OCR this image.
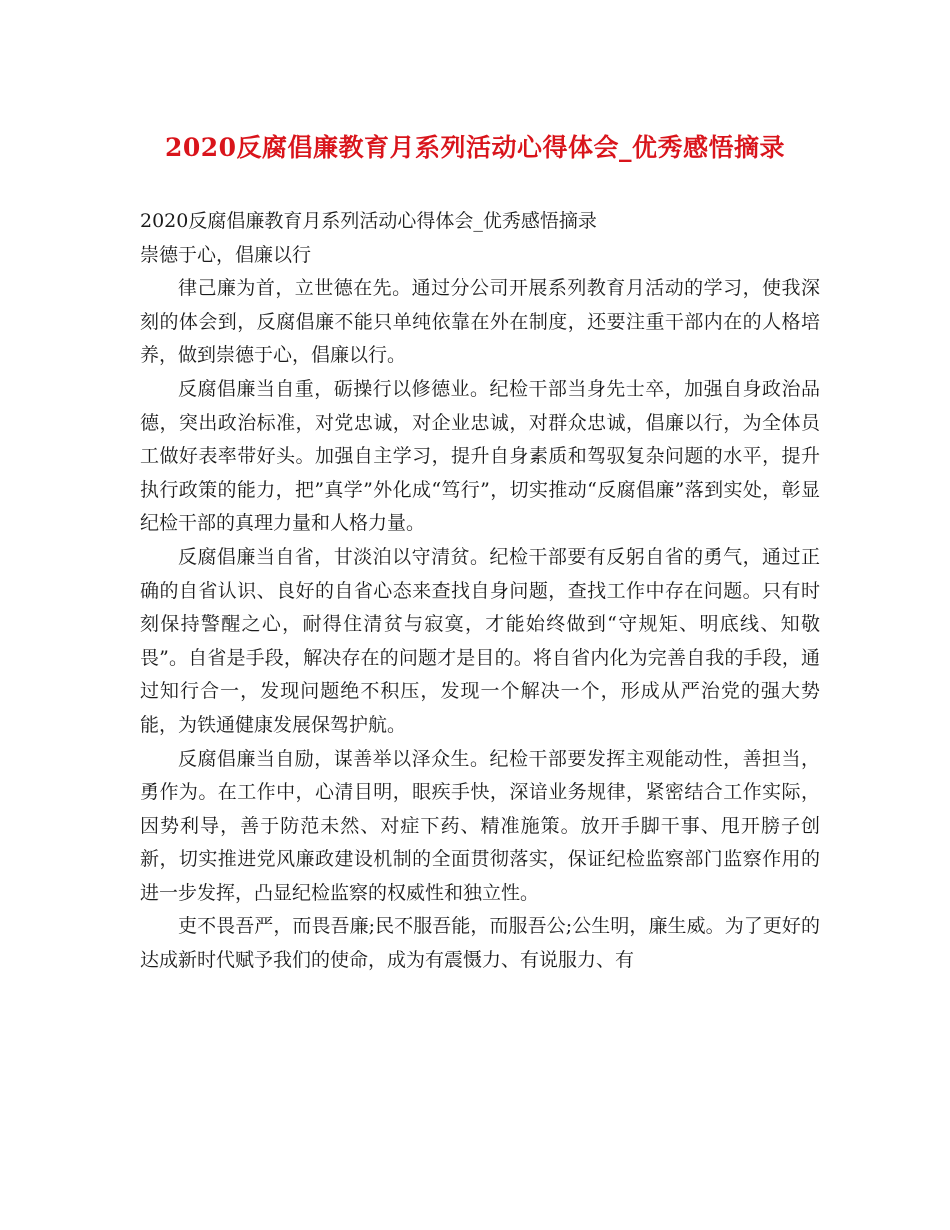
2020反腐倡廉教育月系列活动心得体会_优秀感悟摘录

2020反腐倡廉教育月系列活动心得体会_优秀感悟摘录

崇德于心，倡廉以行

律己廉为首，立世德在先。通过分公司开展系列教育月活动的学习，使我深刻的体会到，反腐倡廉不能只单纯依靠在外在制度，还要注重干部内在的人格培养，做到崇德于心，倡廉以行。

反腐倡廉当自重，砺操行以修德业。纪检干部当身先士卒，加强自身政治品德，突出政治标准，对党忠诚，对企业忠诚，对群众忠诚，倡廉以行，为全体员工做好表率带好头。加强自主学习，提升自身素质和驾驭复杂问题的水平，提升执行政策的能力，把”真学”外化成“笃行”，切实推动“反腐倡廉”落到实处，彰显纪检干部的真理力量和人格力量。

反腐倡廉当自省，甘淡泊以守清贫。纪检干部要有反躬自省的勇气，通过正确的自省认识、良好的自省心态来查找自身问题，查找工作中存在问题。只有时刻保持警醒之心，耐得住清贫与寂寞，才能始终做到“守规矩、明底线、知敬畏”。自省是手段，解决存在的问题才是目的。将自省内化为完善自我的手段，通过知行合一，发现问题绝不积压，发现一个解决一个，形成从严治党的强大势能，为铁通健康发展保驾护航。

反腐倡廉当自励，谋善举以泽众生。纪检干部要发挥主观能动性，善担当，勇作为。在工作中，心清目明，眼疾手快，深谙业务规律，紧密结合工作实际，因势利导，善于防范未然、对症下药、精准施策。放开手脚干事、甩开膀子创新，切实推进党风廉政建设机制的全面贯彻落实，保证纪检监察部门监察作用的进一步发挥，凸显纪检监察的权威性和独立性。

吏不畏吾严，而畏吾廉;民不服吾能，而服吾公;公生明，廉生威。为了更好的达成新时代赋予我们的使命，成为有震慑力、有说服力、有
